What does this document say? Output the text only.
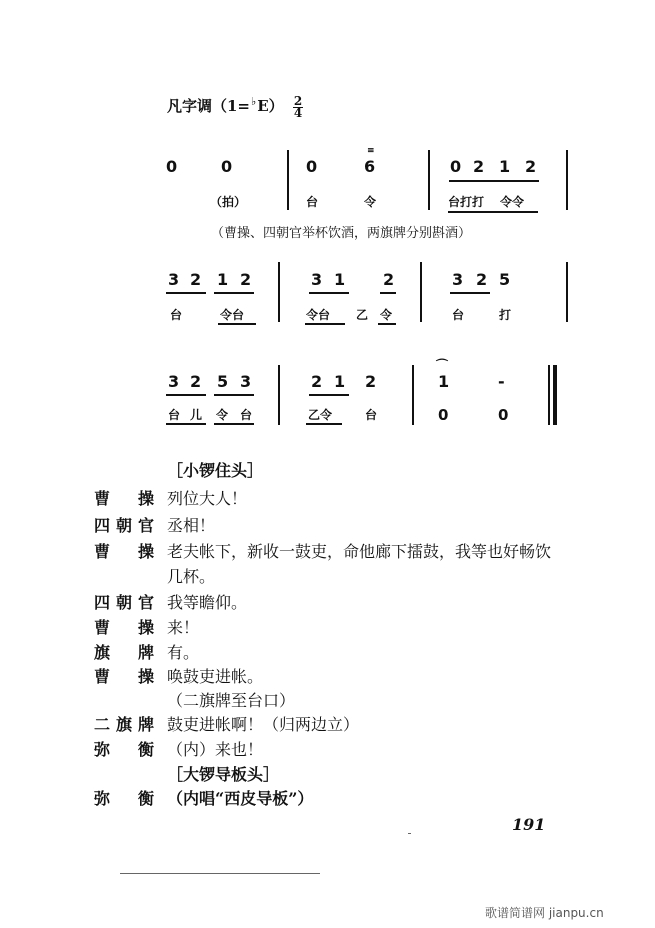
凡字调$(1=^♭E) \frac{2}{4}$
0	0	0
≡
6	0 2 1 2
（拍）	台	令	台打打 令令
（曹操、四朝官举杯饮酒，两旗牌分别斟酒）
3 2 1 2	3 1 2	3 2 5
台	令台	令台 乙 令	台	打
3 2 5 3	2 1 2
⌒
1	-
台 儿 令 台	乙令	台	0	0
［小锣住头］
曹　操 列位大人！
四朝官 丞相！
曹　操 老夫帐下，新收一鼓吏，命他廊下擂鼓，我等也好畅饮
几杯。
四朝官 我等瞻仰。
曹　操 来！
旗　牌 有。
曹　操 唤鼓吏进帐。
（二旗牌至台口）
二旗牌 鼓吏进帐啊！（归两边立）
弥　衡 （内）来也！
［大锣导板头］
弥　衡 （内唱“西皮导板”）
191
歌谱简谱网 jianpu.cn
